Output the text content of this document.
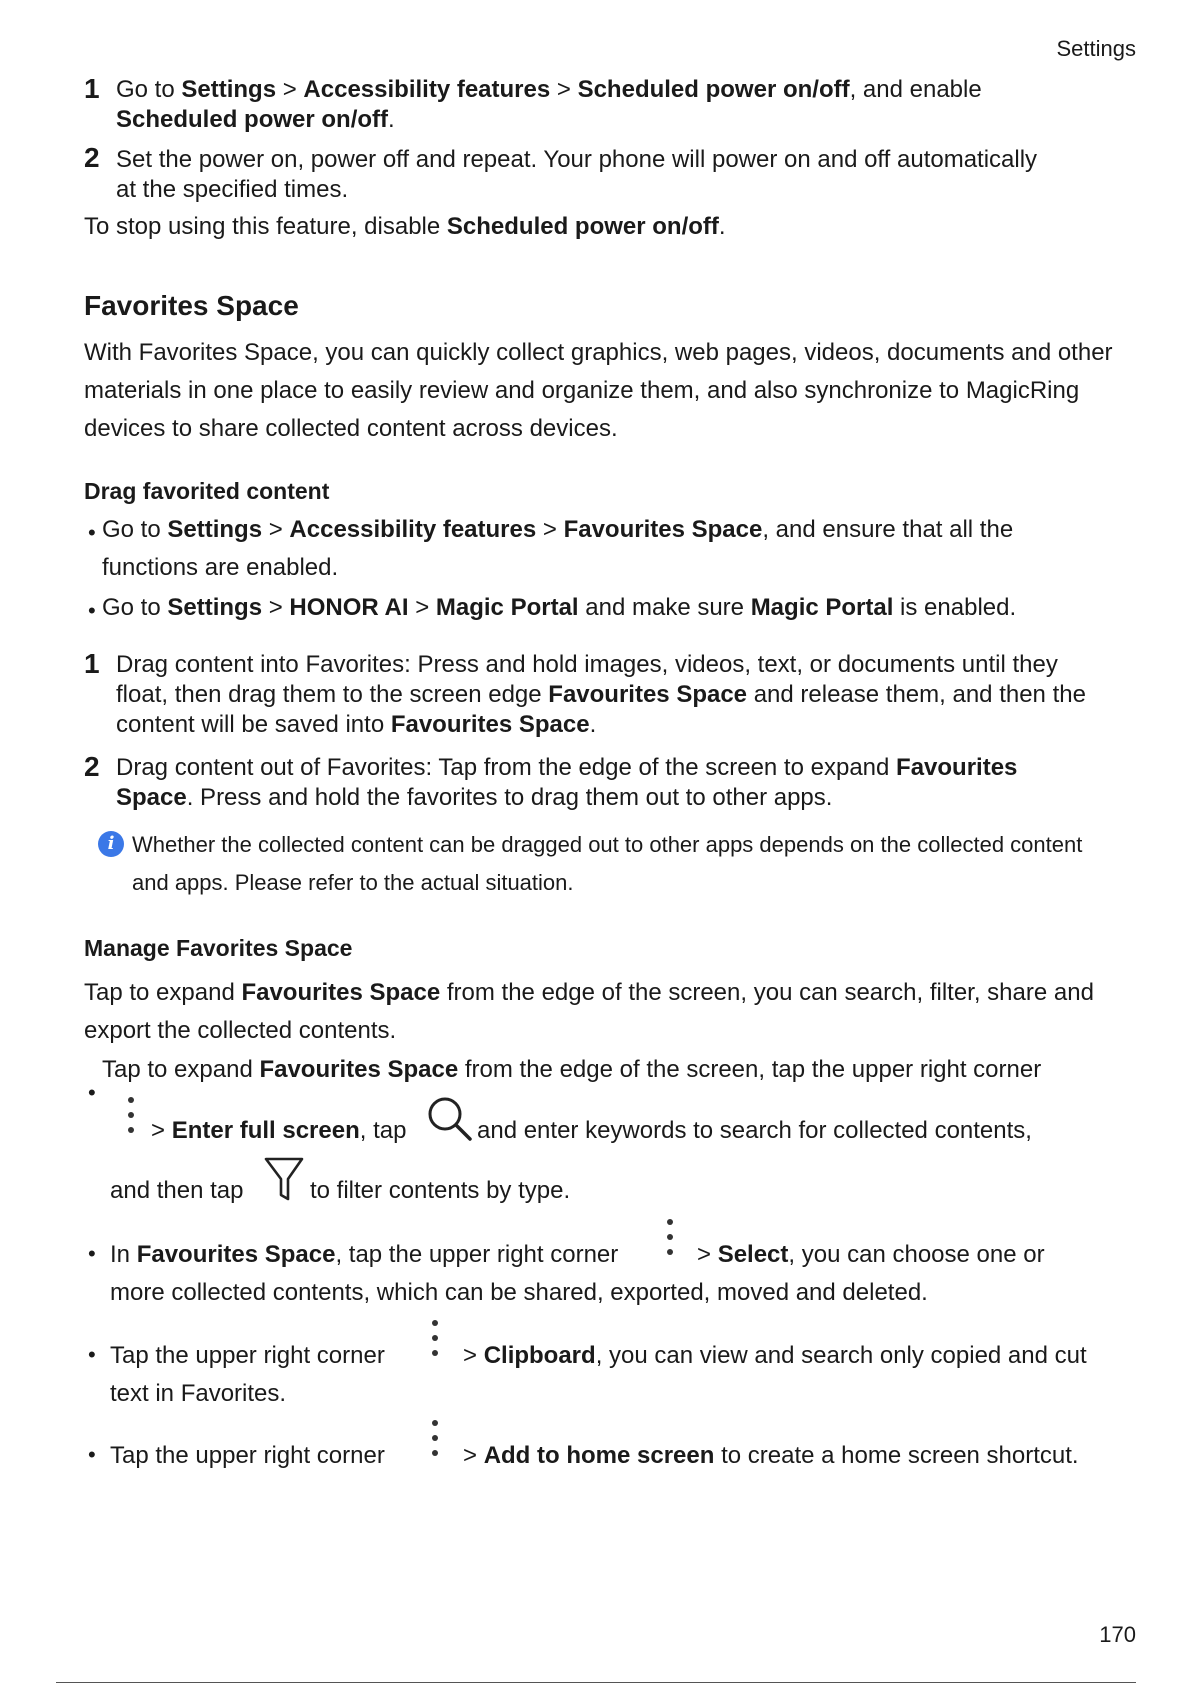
Settings
1 Go to Settings > Accessibility features > Scheduled power on/off, and enable Scheduled power on/off.
2 Set the power on, power off and repeat. Your phone will power on and off automatically at the specified times.
To stop using this feature, disable Scheduled power on/off.
Favorites Space
With Favorites Space, you can quickly collect graphics, web pages, videos, documents and other materials in one place to easily review and organize them, and also synchronize to MagicRing devices to share collected content across devices.
Drag favorited content
• Go to Settings > Accessibility features > Favourites Space, and ensure that all the functions are enabled.
• Go to Settings > HONOR AI > Magic Portal and make sure Magic Portal is enabled.
1 Drag content into Favorites: Press and hold images, videos, text, or documents until they float, then drag them to the screen edge Favourites Space and release them, and then the content will be saved into Favourites Space.
2 Drag content out of Favorites: Tap from the edge of the screen to expand Favourites Space. Press and hold the favorites to drag them out to other apps.
i Whether the collected content can be dragged out to other apps depends on the collected content and apps. Please refer to the actual situation.
Manage Favorites Space
Tap to expand Favourites Space from the edge of the screen, you can search, filter, share and export the collected contents.
•
Tap to expand Favourites Space from the edge of the screen, tap the upper right corner
> Enter full screen, tap	and enter keywords to search for collected contents,
and then tap	to filter contents by type.
• In Favourites Space, tap the upper right corner	> Select, you can choose one or
more collected contents, which can be shared, exported, moved and deleted.
• Tap the upper right corner	> Clipboard, you can view and search only copied and cut
text in Favorites.
• Tap the upper right corner	> Add to home screen to create a home screen shortcut.
170
